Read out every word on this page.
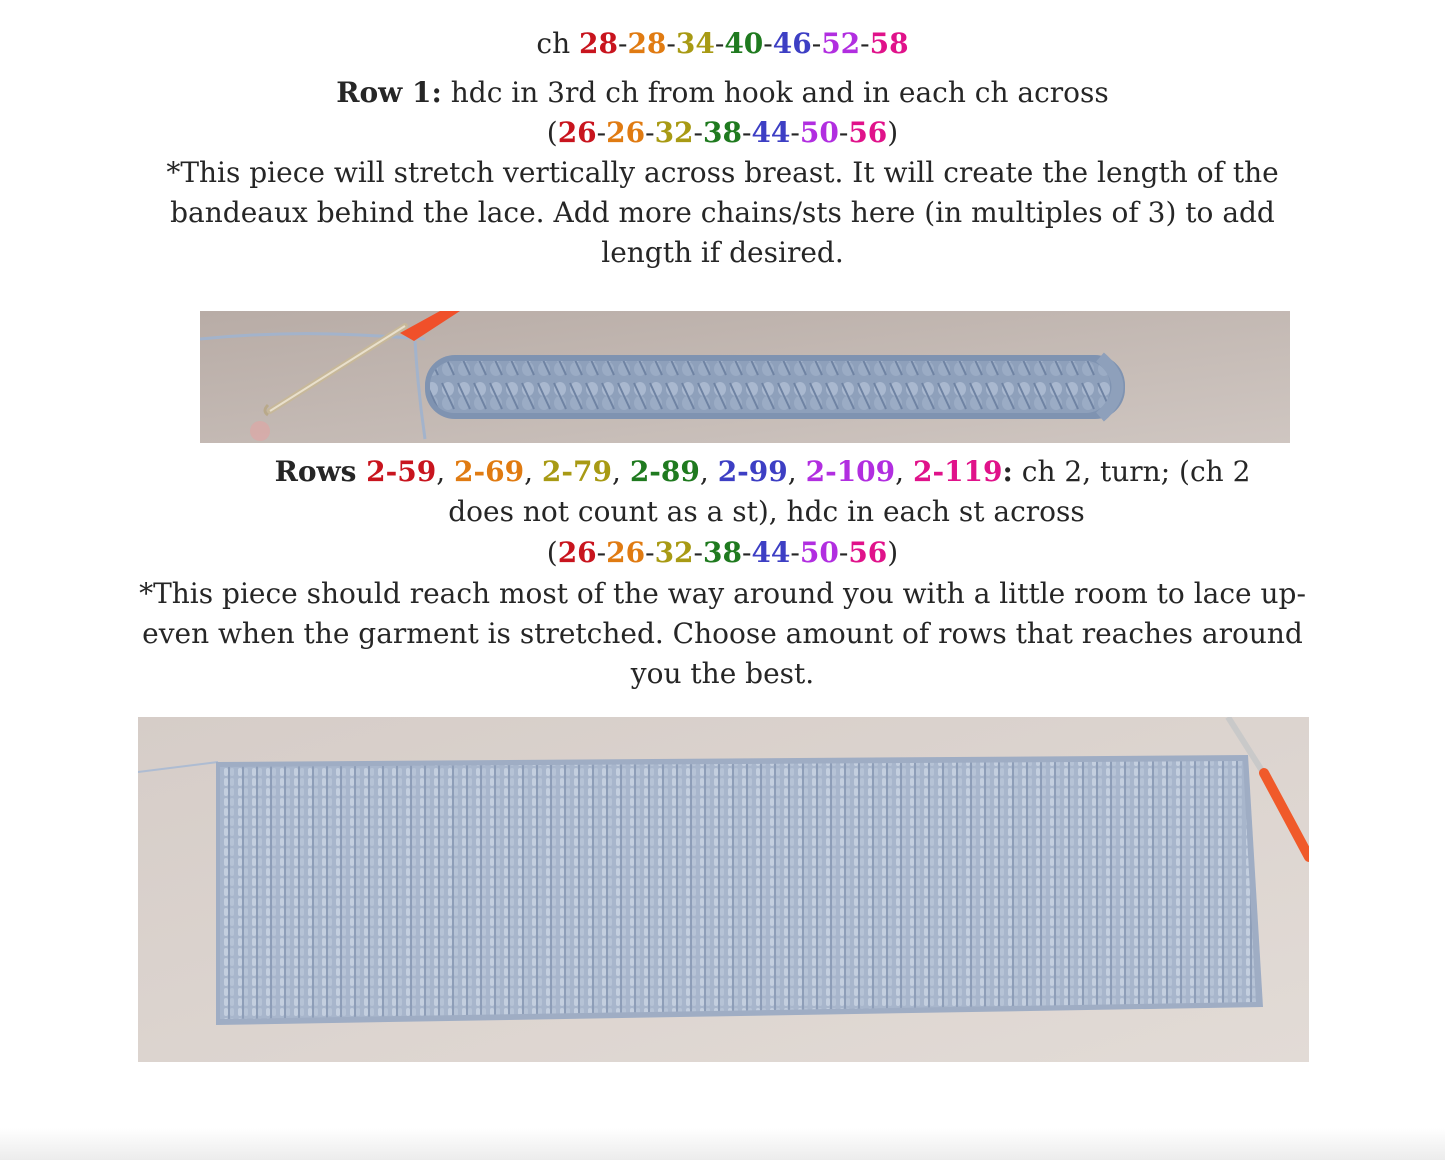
ch 28-28-34-40-46-52-58
Row 1: hdc in 3rd ch from hook and in each ch across
(26-26-32-38-44-50-56)
*This piece will stretch vertically across breast. It will create the length of the
bandeaux behind the lace. Add more chains/sts here (in multiples of 3) to add
length if desired.
Rows 2-59, 2-69, 2-79, 2-89, 2-99, 2-109, 2-119: ch 2, turn; (ch 2
does not count as a st), hdc in each st across
(26-26-32-38-44-50-56)
*This piece should reach most of the way around you with a little room to lace up-
even when the garment is stretched. Choose amount of rows that reaches around
you the best.
